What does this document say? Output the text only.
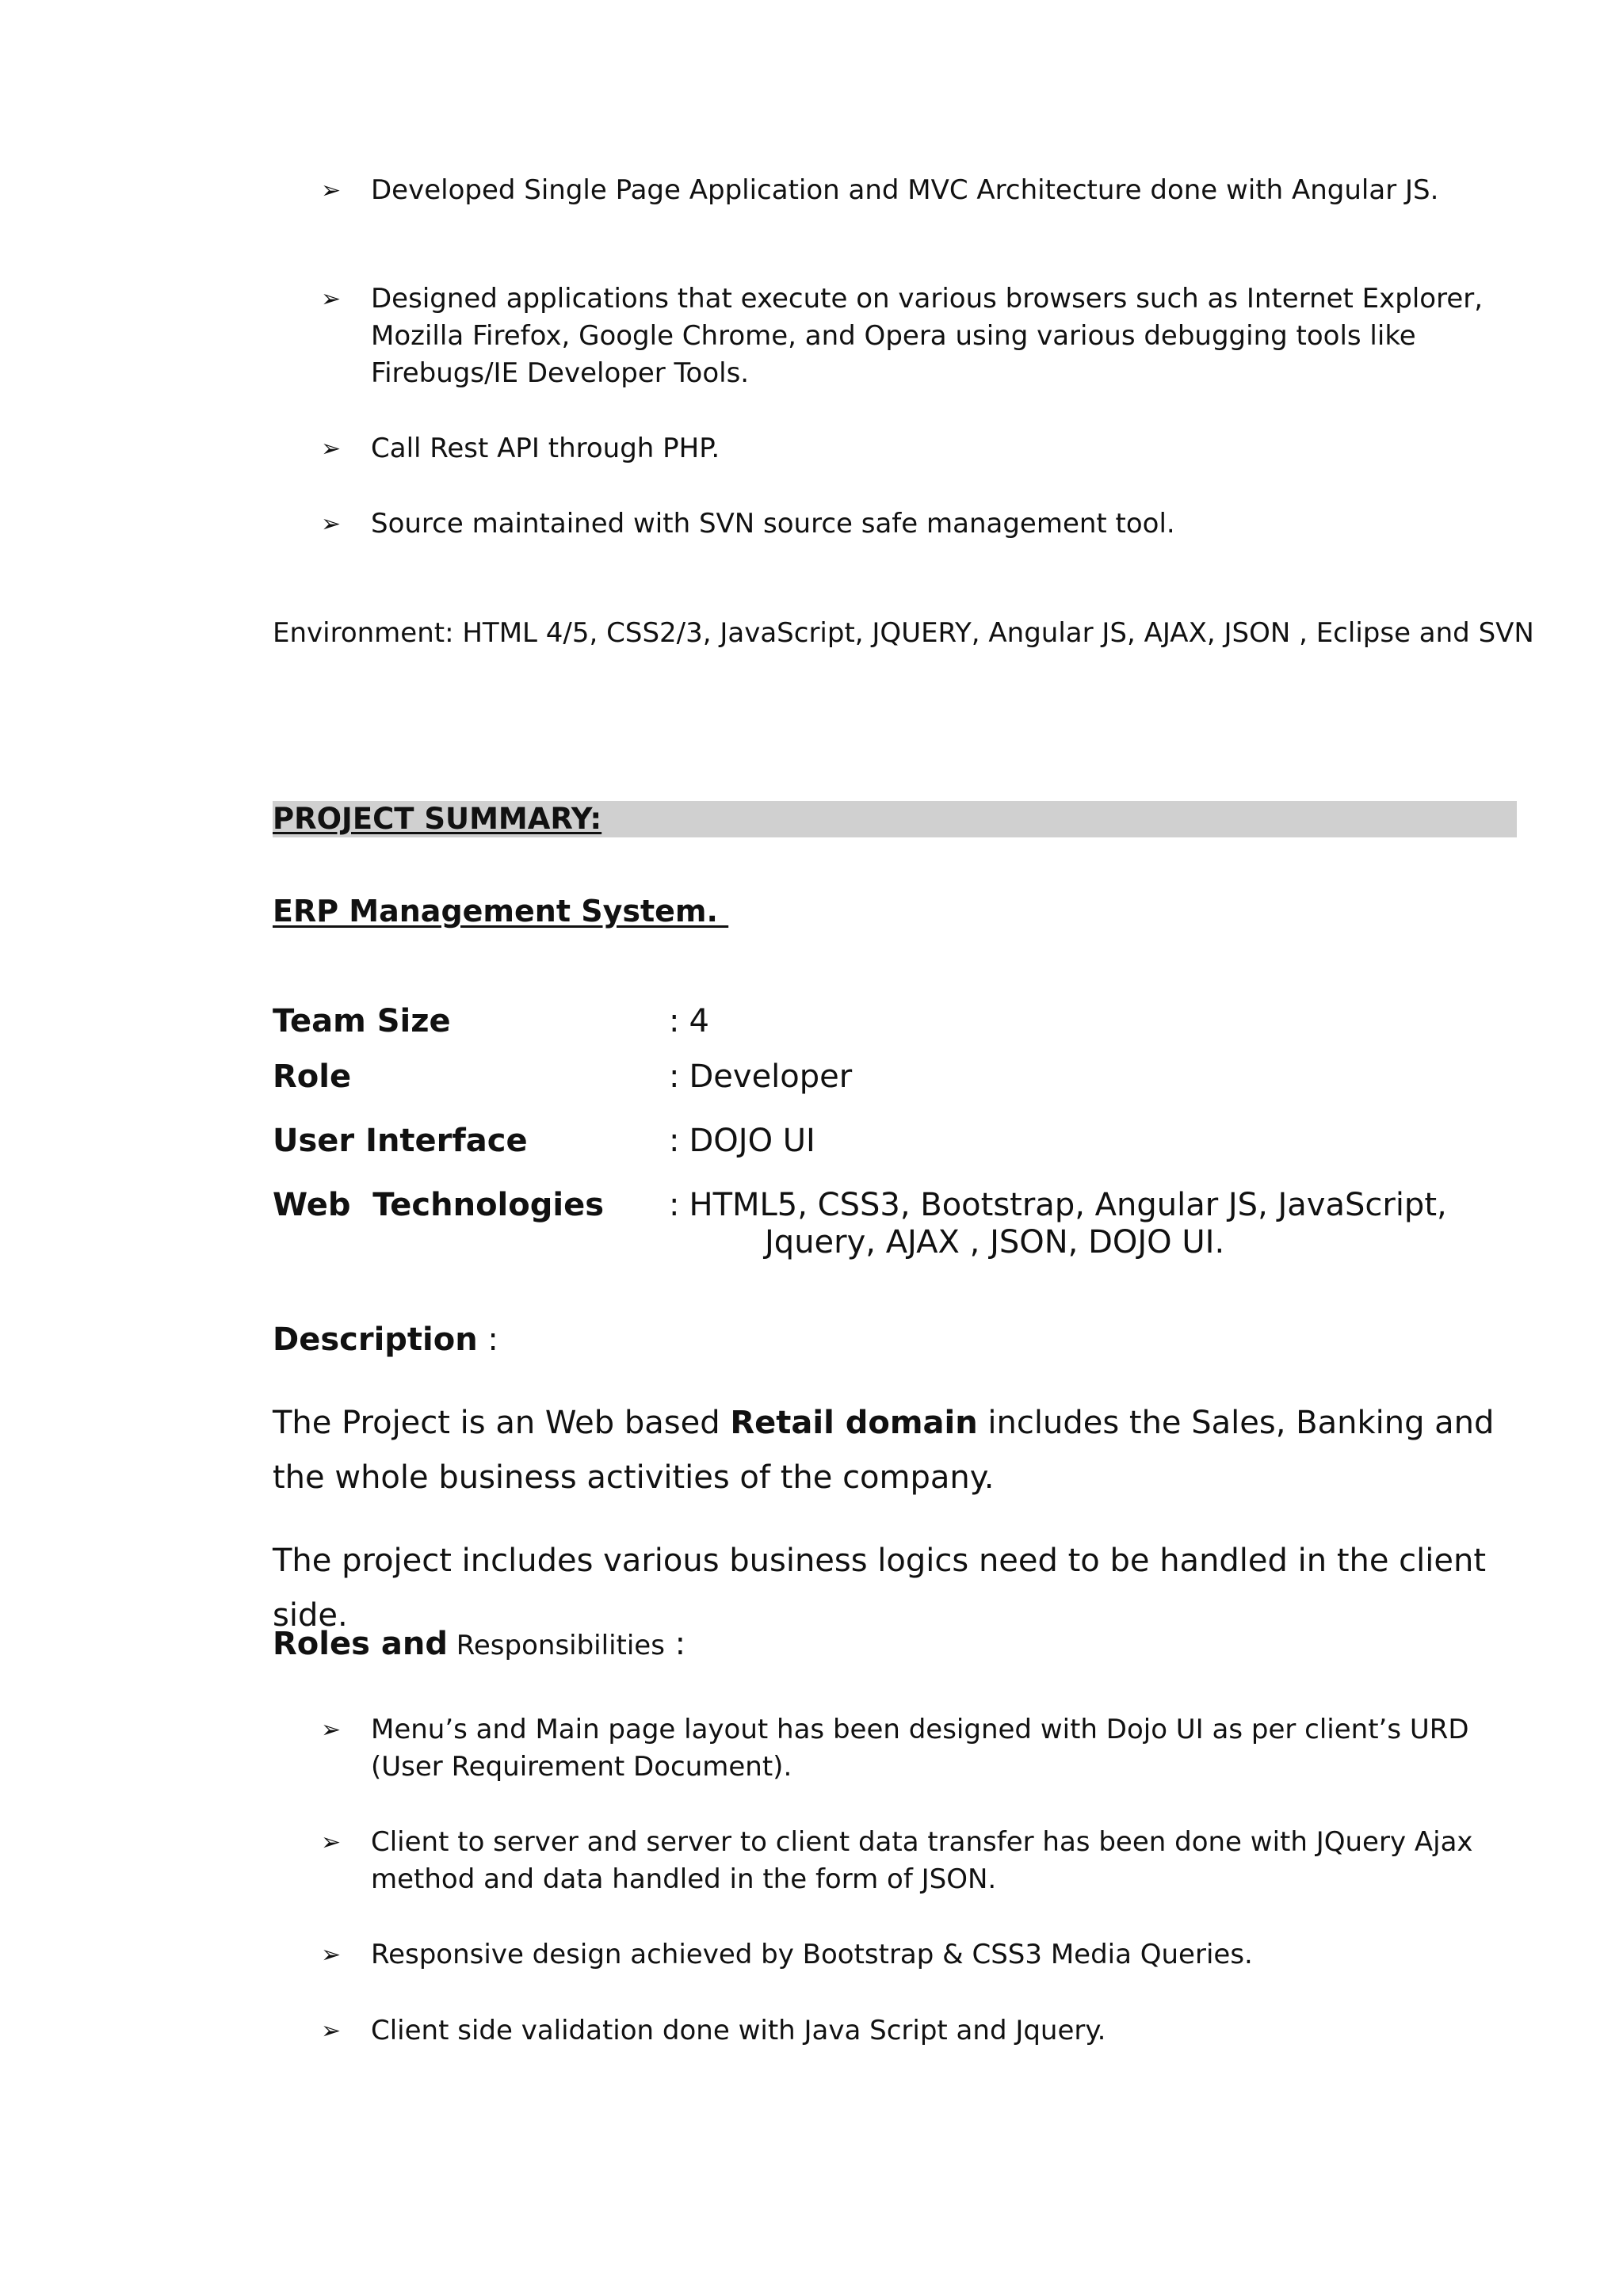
➢ Developed Single Page Application and MVC Architecture done with Angular JS.
➢ Designed applications that execute on various browsers such as Internet Explorer, Mozilla Firefox, Google Chrome, and Opera using various debugging tools like Firebugs/IE Developer Tools.
➢ Call Rest API through PHP.
➢ Source maintained with SVN source safe management tool.
Environment: HTML 4/5, CSS2/3, JavaScript, JQUERY, Angular JS, AJAX, JSON , Eclipse and SVN
PROJECT SUMMARY:
ERP Management System.
Team Size	: 4
Role	: Developer
User Interface	: DOJO UI
Web  Technologies : HTML5, CSS3, Bootstrap, Angular JS, JavaScript,
Jquery, AJAX , JSON, DOJO UI.
Description :
The Project is an Web based Retail domain includes the Sales, Banking and the whole business activities of the company.
The project includes various business logics need to be handled in the client side.
Roles and Responsibilities :
➢ Menu’s and Main page layout has been designed with Dojo UI as per client’s URD (User Requirement Document).
➢ Client to server and server to client data transfer has been done with JQuery Ajax method and data handled in the form of JSON.
➢ Responsive design achieved by Bootstrap & CSS3 Media Queries.
➢ Client side validation done with Java Script and Jquery.
